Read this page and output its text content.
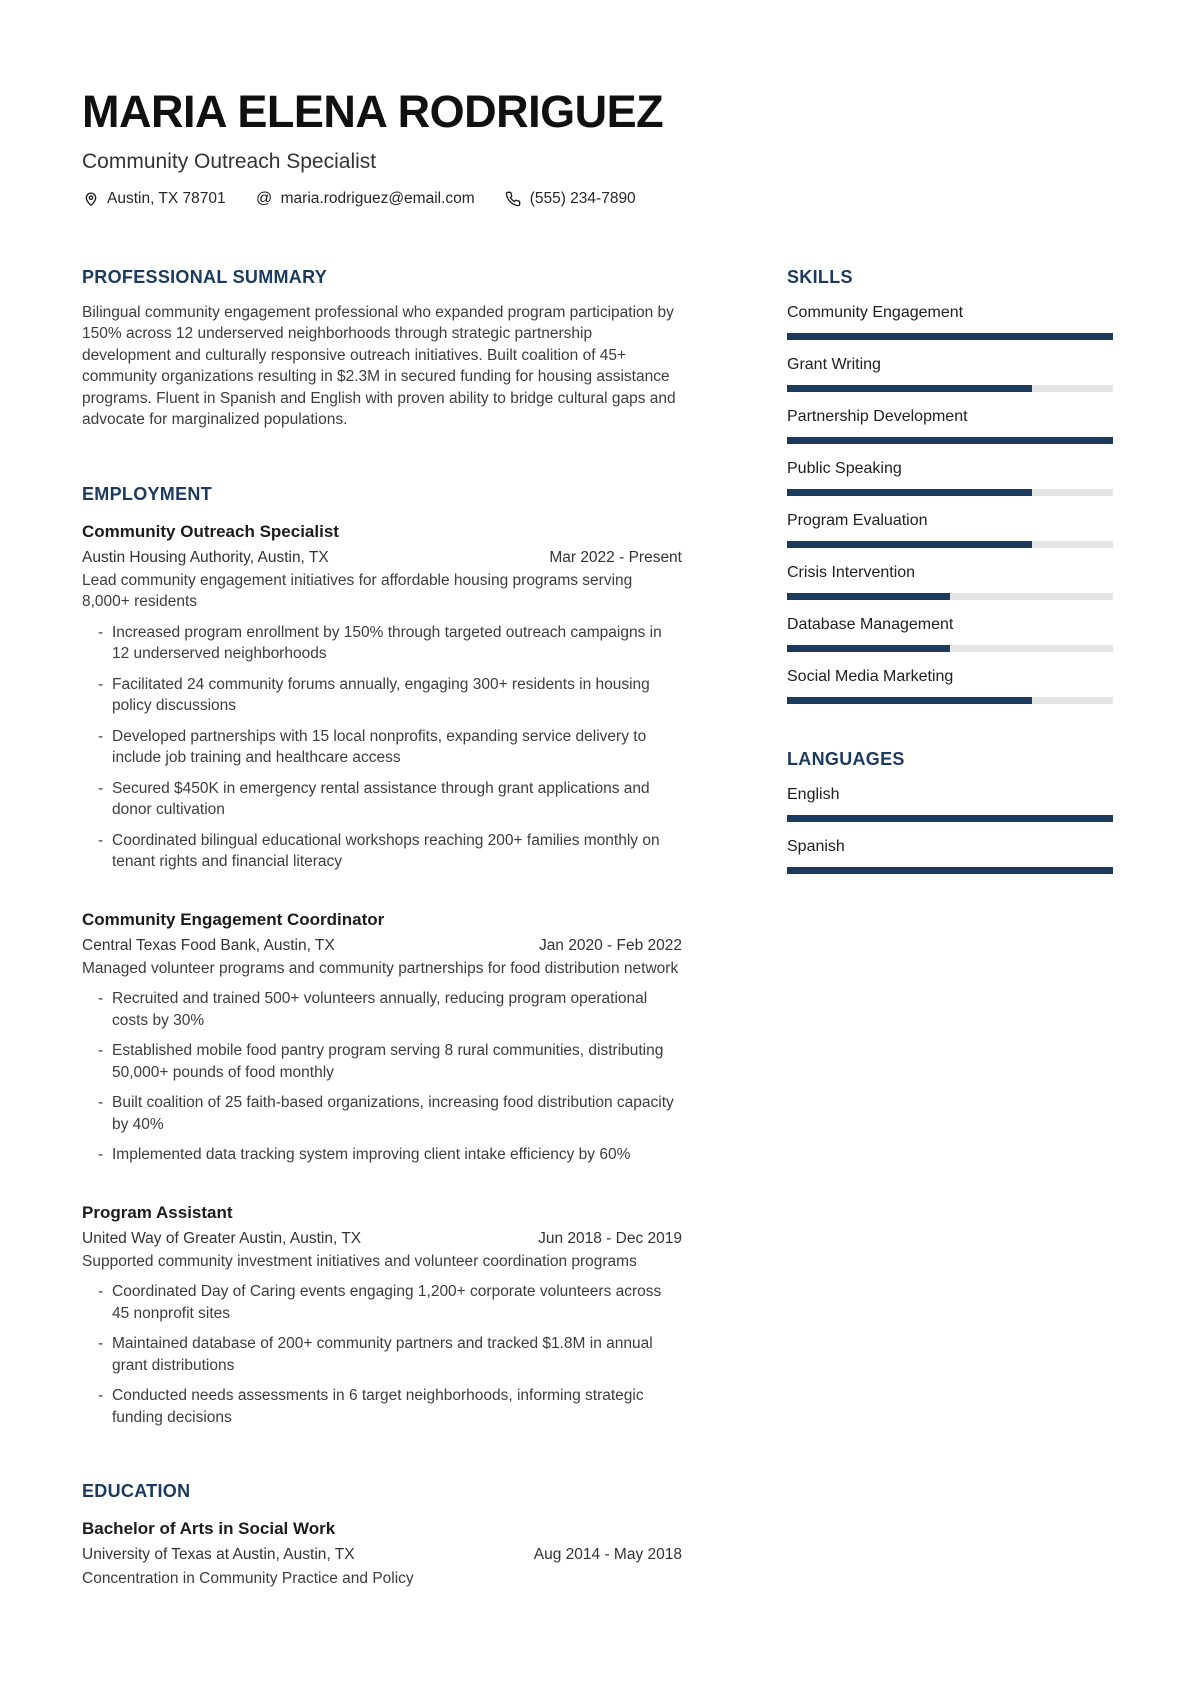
MARIA ELENA RODRIGUEZ
Community Outreach Specialist
Austin, TX 78701 @ maria.rodriguez@email.com	(555) 234-7890
PROFESSIONAL SUMMARY
Bilingual community engagement professional who expanded program participation by 150% across 12 underserved neighborhoods through strategic partnership development and culturally responsive outreach initiatives. Built coalition of 45+ community organizations resulting in $2.3M in secured funding for housing assistance programs. Fluent in Spanish and English with proven ability to bridge cultural gaps and advocate for marginalized populations.
EMPLOYMENT
Community Outreach Specialist
Austin Housing Authority, Austin, TX	Mar 2022 - Present
Lead community engagement initiatives for affordable housing programs serving 8,000+ residents
- Increased program enrollment by 150% through targeted outreach campaigns in 12 underserved neighborhoods
- Facilitated 24 community forums annually, engaging 300+ residents in housing policy discussions
- Developed partnerships with 15 local nonprofits, expanding service delivery to include job training and healthcare access
- Secured $450K in emergency rental assistance through grant applications and donor cultivation
- Coordinated bilingual educational workshops reaching 200+ families monthly on tenant rights and financial literacy
Community Engagement Coordinator
Central Texas Food Bank, Austin, TX	Jan 2020 - Feb 2022
Managed volunteer programs and community partnerships for food distribution network
- Recruited and trained 500+ volunteers annually, reducing program operational costs by 30%
- Established mobile food pantry program serving 8 rural communities, distributing 50,000+ pounds of food monthly
- Built coalition of 25 faith-based organizations, increasing food distribution capacity by 40%
- Implemented data tracking system improving client intake efficiency by 60%
Program Assistant
United Way of Greater Austin, Austin, TX	Jun 2018 - Dec 2019
Supported community investment initiatives and volunteer coordination programs
- Coordinated Day of Caring events engaging 1,200+ corporate volunteers across 45 nonprofit sites
- Maintained database of 200+ community partners and tracked $1.8M in annual grant distributions
- Conducted needs assessments in 6 target neighborhoods, informing strategic funding decisions
EDUCATION
Bachelor of Arts in Social Work
University of Texas at Austin, Austin, TX	Aug 2014 - May 2018
Concentration in Community Practice and Policy
SKILLS
Community Engagement
Grant Writing
Partnership Development
Public Speaking
Program Evaluation
Crisis Intervention
Database Management
Social Media Marketing
LANGUAGES
English
Spanish
